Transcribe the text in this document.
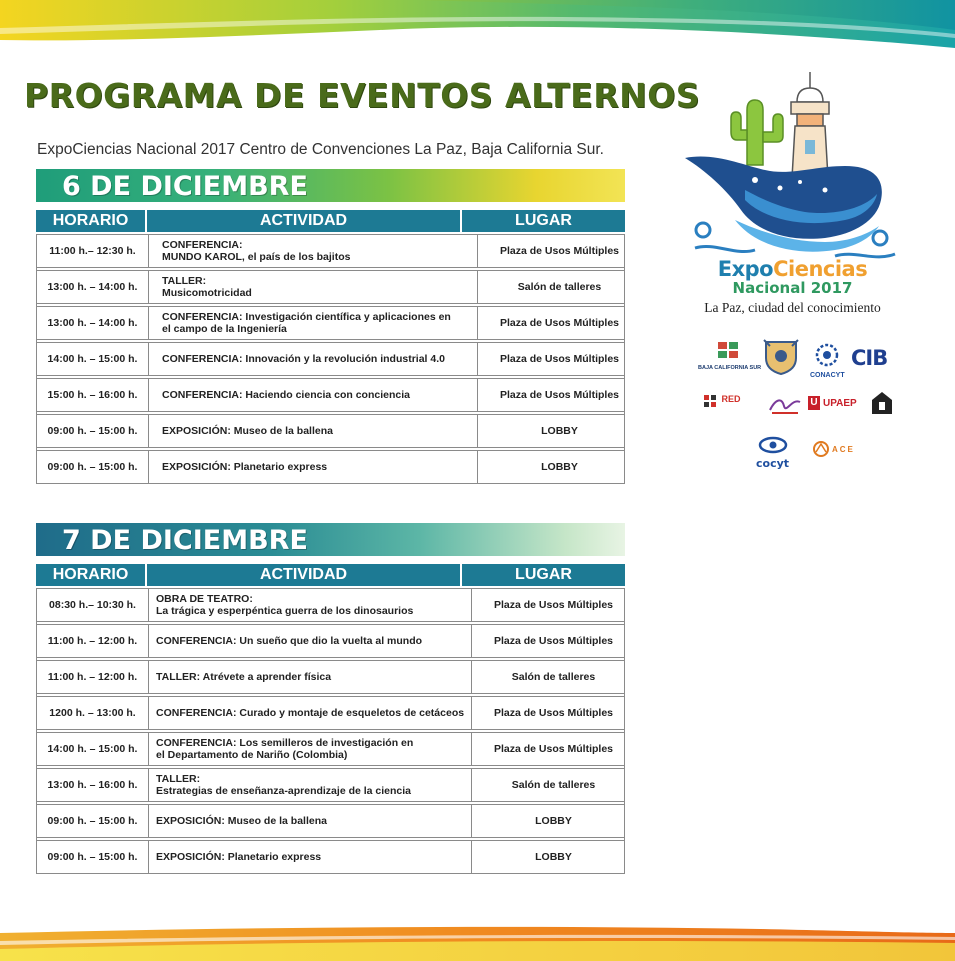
PROGRAMA DE EVENTOS ALTERNOS
ExpoCiencias Nacional 2017 Centro de Convenciones La Paz, Baja California Sur.
6 DE DICIEMBRE
HORARIO	ACTIVIDAD	LUGAR
11:00 h.– 12:30 h.	CONFERENCIA:
MUNDO KAROL, el país de los bajitos	Plaza de Usos Múltiples
13:00 h. – 14:00 h.	TALLER:
Musicomotricidad	Salón de talleres
13:00 h. – 14:00 h.	CONFERENCIA: Investigación científica y aplicaciones en
el campo de la Ingeniería	Plaza de Usos Múltiples
14:00 h. – 15:00 h.	CONFERENCIA: Innovación y la revolución industrial 4.0	Plaza de Usos Múltiples
15:00 h. – 16:00 h.	CONFERENCIA: Haciendo ciencia con conciencia	Plaza de Usos Múltiples
09:00 h. – 15:00 h.	EXPOSICIÓN: Museo de la ballena	LOBBY
09:00 h. – 15:00 h.	EXPOSICIÓN: Planetario express	LOBBY
7 DE DICIEMBRE
HORARIO	ACTIVIDAD	LUGAR
08:30 h.– 10:30 h.	OBRA DE TEATRO:
La trágica y esperpéntica guerra de los dinosaurios	Plaza de Usos Múltiples
11:00 h. – 12:00 h.	CONFERENCIA: Un sueño que dio la vuelta al mundo	Plaza de Usos Múltiples
11:00 h. – 12:00 h.	TALLER: Atrévete a aprender física	Salón de talleres
1200 h. – 13:00 h.	CONFERENCIA: Curado y montaje de esqueletos de cetáceos	Plaza de Usos Múltiples
14:00 h. – 15:00 h.	CONFERENCIA: Los semilleros de investigación en
el Departamento de Nariño (Colombia)	Plaza de Usos Múltiples
13:00 h. – 16:00 h.	TALLER:
Estrategias de enseñanza-aprendizaje de la ciencia	Salón de talleres
09:00 h. – 15:00 h.	EXPOSICIÓN: Museo de la ballena	LOBBY
09:00 h. – 15:00 h.	EXPOSICIÓN: Planetario express	LOBBY
ExpoCiencias
Nacional 2017
La Paz, ciudad del conocimiento
BAJA CALIFORNIA SUR
CONACYT
CIB
$^{RED}$	U UPAEP
cocyt
ACE
